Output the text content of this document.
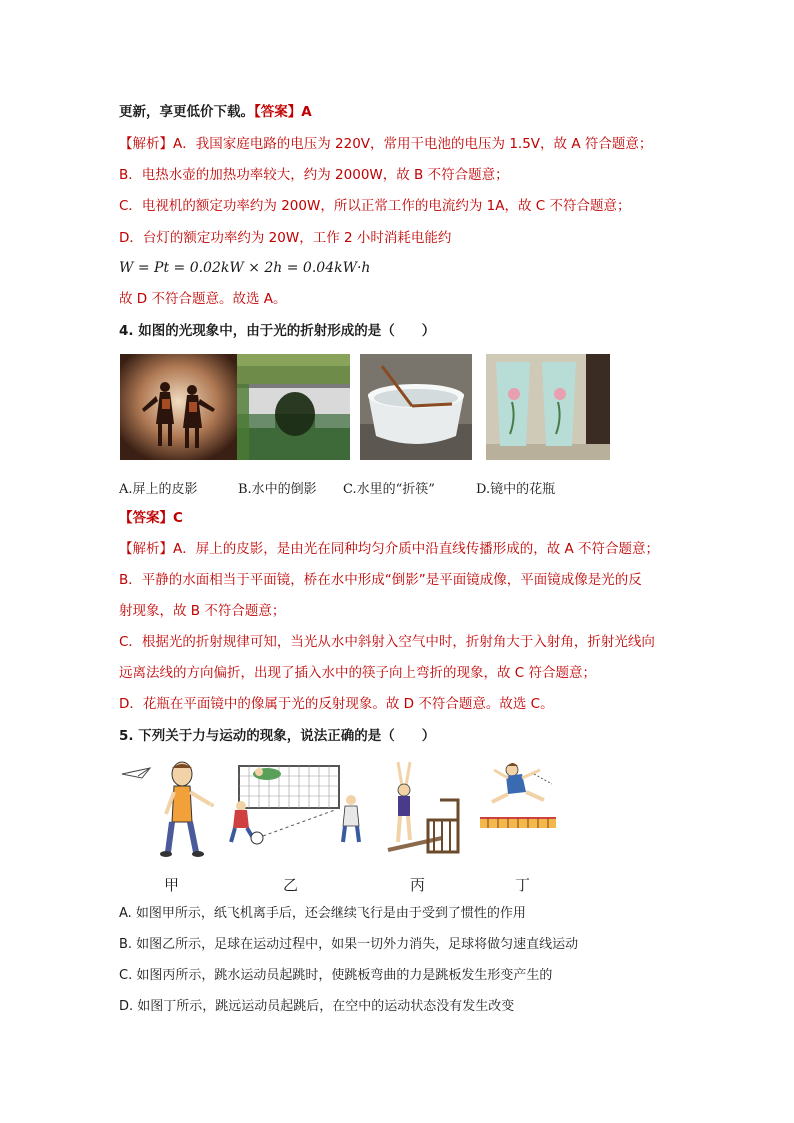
更新，享更低价下载。【答案】A
【解析】A．我国家庭电路的电压为 220V，常用干电池的电压为 1.5V，故 A 符合题意；
B．电热水壶的加热功率较大，约为 2000W，故 B 不符合题意；
C．电视机的额定功率约为 200W，所以正常工作的电流约为 1A，故 C 不符合题意；
D．台灯的额定功率约为 20W，工作 2 小时消耗电能约
W = Pt = 0.02kW × 2h = 0.04kW·h
故 D 不符合题意。故选 A。
4. 如图的光现象中，由于光的折射形成的是（　　）
A.屏上的皮影	B.水中的倒影 C.水里的“折筷”	D.镜中的花瓶
【答案】C
【解析】A．屏上的皮影，是由光在同种均匀介质中沿直线传播形成的，故 A 不符合题意；
B．平静的水面相当于平面镜，桥在水中形成“倒影”是平面镜成像，平面镜成像是光的反
射现象，故 B 不符合题意；
C．根据光的折射规律可知，当光从水中斜射入空气中时，折射角大于入射角，折射光线向
远离法线的方向偏折，出现了插入水中的筷子向上弯折的现象，故 C 符合题意；
D．花瓶在平面镜中的像属于光的反射现象。故 D 不符合题意。故选 C。
5. 下列关于力与运动的现象，说法正确的是（　　）
甲	乙	丙	丁
A. 如图甲所示，纸飞机离手后，还会继续飞行是由于受到了惯性的作用
B. 如图乙所示，足球在运动过程中，如果一切外力消失，足球将做匀速直线运动
C. 如图丙所示，跳水运动员起跳时，使跳板弯曲的力是跳板发生形变产生的
D. 如图丁所示，跳远运动员起跳后，在空中的运动状态没有发生改变
